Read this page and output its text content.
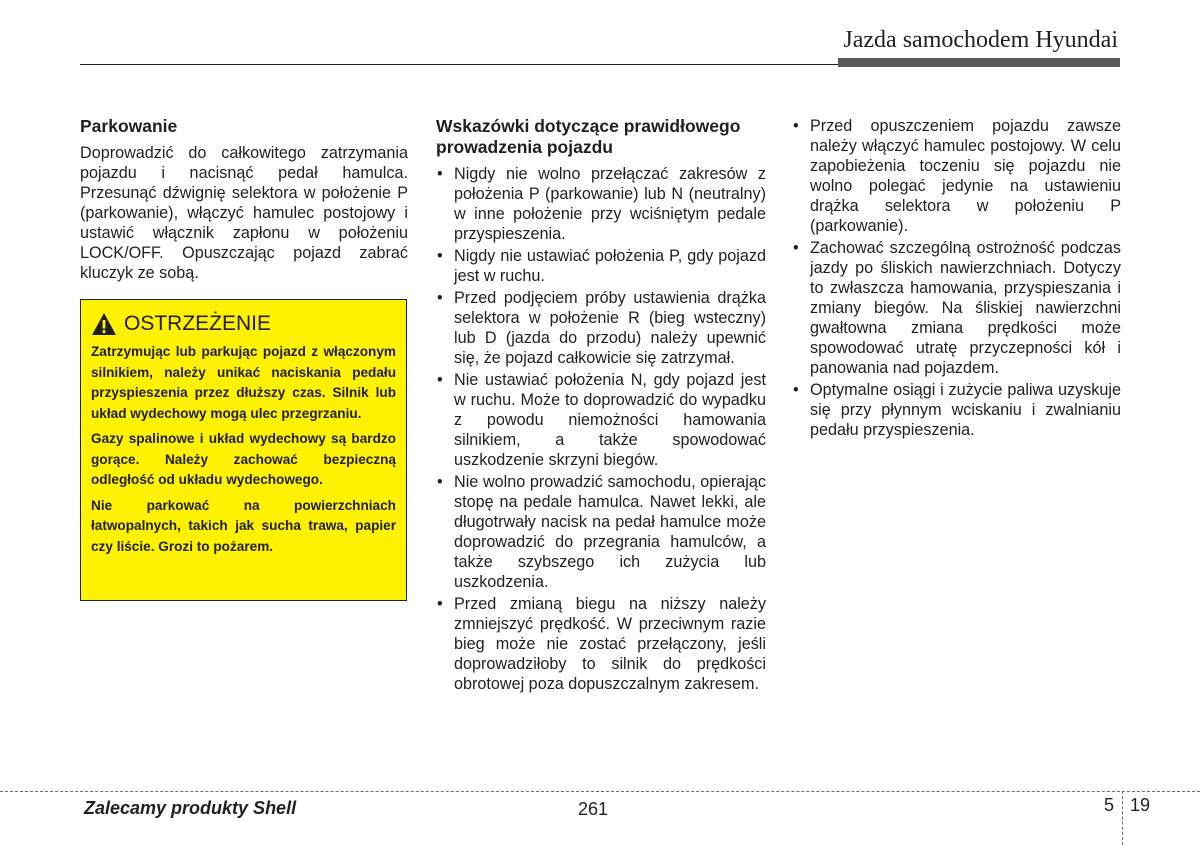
Jazda samochodem Hyundai
Parkowanie

Doprowadzić do całkowitego zatrzymania pojazdu i nacisnąć pedał hamulca. Przesunąć dźwignię selektora w położenie P (parkowanie), włączyć hamulec postojowy i ustawić włącznik zapłonu w położeniu LOCK/OFF. Opuszczając pojazd zabrać kluczyk ze sobą.

OSTRZEŻENIE

Zatrzymując lub parkując pojazd z włączonym silnikiem, należy unikać naciskania pedału przyspieszenia przez dłuższy czas. Silnik lub układ wydechowy mogą ulec przegrzaniu.

Gazy spalinowe i układ wydechowy są bardzo gorące. Należy zachować bezpieczną odległość od układu wydechowego.

Nie parkować na powierzchniach łatwopalnych, takich jak sucha trawa, papier czy liście. Grozi to pożarem.

Wskazówki dotyczące prawidłowego prowadzenia pojazdu
• Nigdy nie wolno przełączać zakresów z położenia P (parkowanie) lub N (neutralny) w inne położenie przy wciśniętym pedale przyspieszenia.
• Nigdy nie ustawiać położenia P, gdy pojazd jest w ruchu.
• Przed podjęciem próby ustawienia drążka selektora w położenie R (bieg wsteczny) lub D (jazda do przodu) należy upewnić się, że pojazd całkowicie się zatrzymał.
• Nie ustawiać położenia N, gdy pojazd jest w ruchu. Może to doprowadzić do wypadku z powodu niemożności hamowania silnikiem, a także spowodować uszkodzenie skrzyni biegów.
• Nie wolno prowadzić samochodu, opierając stopę na pedale hamulca. Nawet lekki, ale długotrwały nacisk na pedał hamulce może doprowadzić do przegrania hamulców, a także szybszego ich zużycia lub uszkodzenia.
• Przed zmianą biegu na niższy należy zmniejszyć prędkość. W przeciwnym razie bieg może nie zostać przełączony, jeśli doprowadziłoby to silnik do prędkości obrotowej poza dopuszczalnym zakresem.
• Przed opuszczeniem pojazdu zawsze należy włączyć hamulec postojowy. W celu zapobieżenia toczeniu się pojazdu nie wolno polegać jedynie na ustawieniu drążka selektora w położeniu P (parkowanie).
• Zachować szczególną ostrożność podczas jazdy po śliskich nawierzchniach. Dotyczy to zwłaszcza hamowania, przyspieszania i zmiany biegów. Na śliskiej nawierzchni gwałtowna zmiana prędkości może spowodować utratę przyczepności kół i panowania nad pojazdem.
• Optymalne osiągi i zużycie paliwa uzyskuje się przy płynnym wciskaniu i zwalnianiu pedału przyspieszenia.
Zalecamy produkty Shell	261	5 19
